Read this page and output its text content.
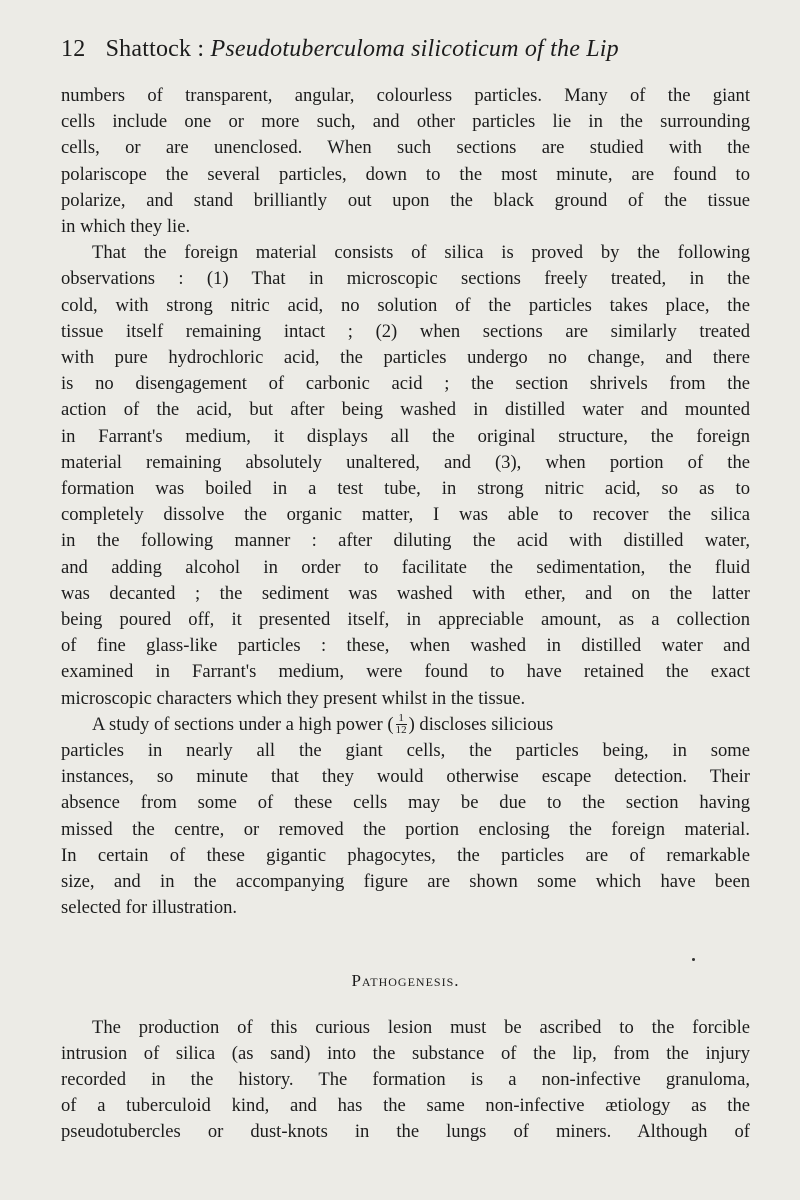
12 Shattock : Pseudotuberculoma silicoticum of the Lip
numbers of transparent, angular, colourless particles. Many of the giant
cells include one or more such, and other particles lie in the surrounding
cells, or are unenclosed. When such sections are studied with the
polariscope the several particles, down to the most minute, are found to
polarize, and stand brilliantly out upon the black ground of the tissue
in which they lie.
That the foreign material consists of silica is proved by the following
observations : (1) That in microscopic sections freely treated, in the
cold, with strong nitric acid, no solution of the particles takes place, the
tissue itself remaining intact ; (2) when sections are similarly treated
with pure hydrochloric acid, the particles undergo no change, and there
is no disengagement of carbonic acid ; the section shrivels from the
action of the acid, but after being washed in distilled water and mounted
in Farrant's medium, it displays all the original structure, the foreign
material remaining absolutely unaltered, and (3), when portion of the
formation was boiled in a test tube, in strong nitric acid, so as to
completely dissolve the organic matter, I was able to recover the silica
in the following manner : after diluting the acid with distilled water,
and adding alcohol in order to facilitate the sedimentation, the fluid
was decanted ; the sediment was washed with ether, and on the latter
being poured off, it presented itself, in appreciable amount, as a collection
of fine glass-like particles : these, when washed in distilled water and
examined in Farrant's medium, were found to have retained the exact
microscopic characters which they present whilst in the tissue.
A study of sections under a high power ( $\frac{1}{12}$ ) discloses silicious
particles in nearly all the giant cells, the particles being, in some
instances, so minute that they would otherwise escape detection. Their
absence from some of these cells may be due to the section having
missed the centre, or removed the portion enclosing the foreign material.
In certain of these gigantic phagocytes, the particles are of remarkable
size, and in the accompanying figure are shown some which have been
selected for illustration.
Pathogenesis.
The production of this curious lesion must be ascribed to the forcible
intrusion of silica (as sand) into the substance of the lip, from the injury
recorded in the history. The formation is a non-infective granuloma,
of a tuberculoid kind, and has the same non-infective ætiology as the
pseudotubercles or dust-knots in the lungs of miners. Although of
